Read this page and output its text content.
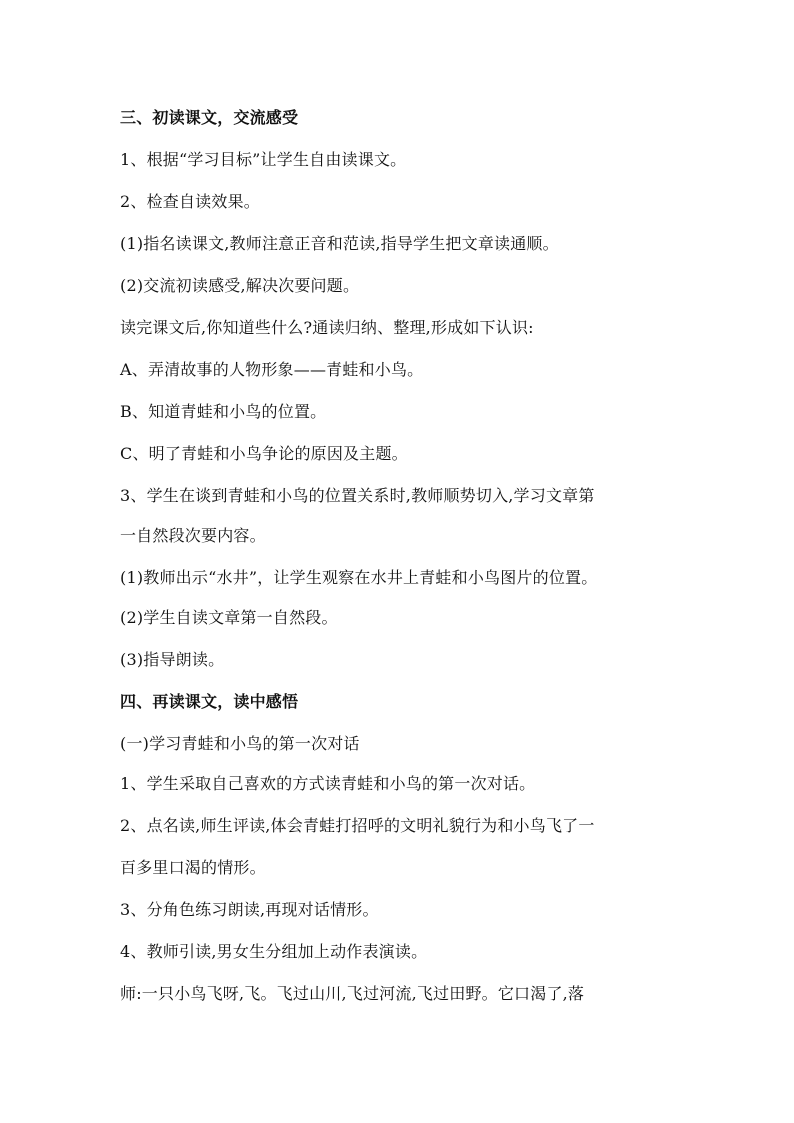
三、初读课文，交流感受
1、根据“学习目标”让学生自由读课文。
2、检查自读效果。
(1)指名读课文,教师注意正音和范读,指导学生把文章读通顺。
(2)交流初读感受,解决次要问题。
读完课文后,你知道些什么?通读归纳、整理,形成如下认识:
A、弄清故事的人物形象——青蛙和小鸟。
B、知道青蛙和小鸟的位置。
C、明了青蛙和小鸟争论的原因及主题。
3、学生在谈到青蛙和小鸟的位置关系时,教师顺势切入,学习文章第
一自然段次要内容。
(1)教师出示“水井”，让学生观察在水井上青蛙和小鸟图片的位置。
(2)学生自读文章第一自然段。
(3)指导朗读。
四、再读课文，读中感悟
(一)学习青蛙和小鸟的第一次对话
1、学生采取自己喜欢的方式读青蛙和小鸟的第一次对话。
2、点名读,师生评读,体会青蛙打招呼的文明礼貌行为和小鸟飞了一
百多里口渴的情形。
3、分角色练习朗读,再现对话情形。
4、教师引读,男女生分组加上动作表演读。
师:一只小鸟飞呀,飞。飞过山川,飞过河流,飞过田野。它口渴了,落
